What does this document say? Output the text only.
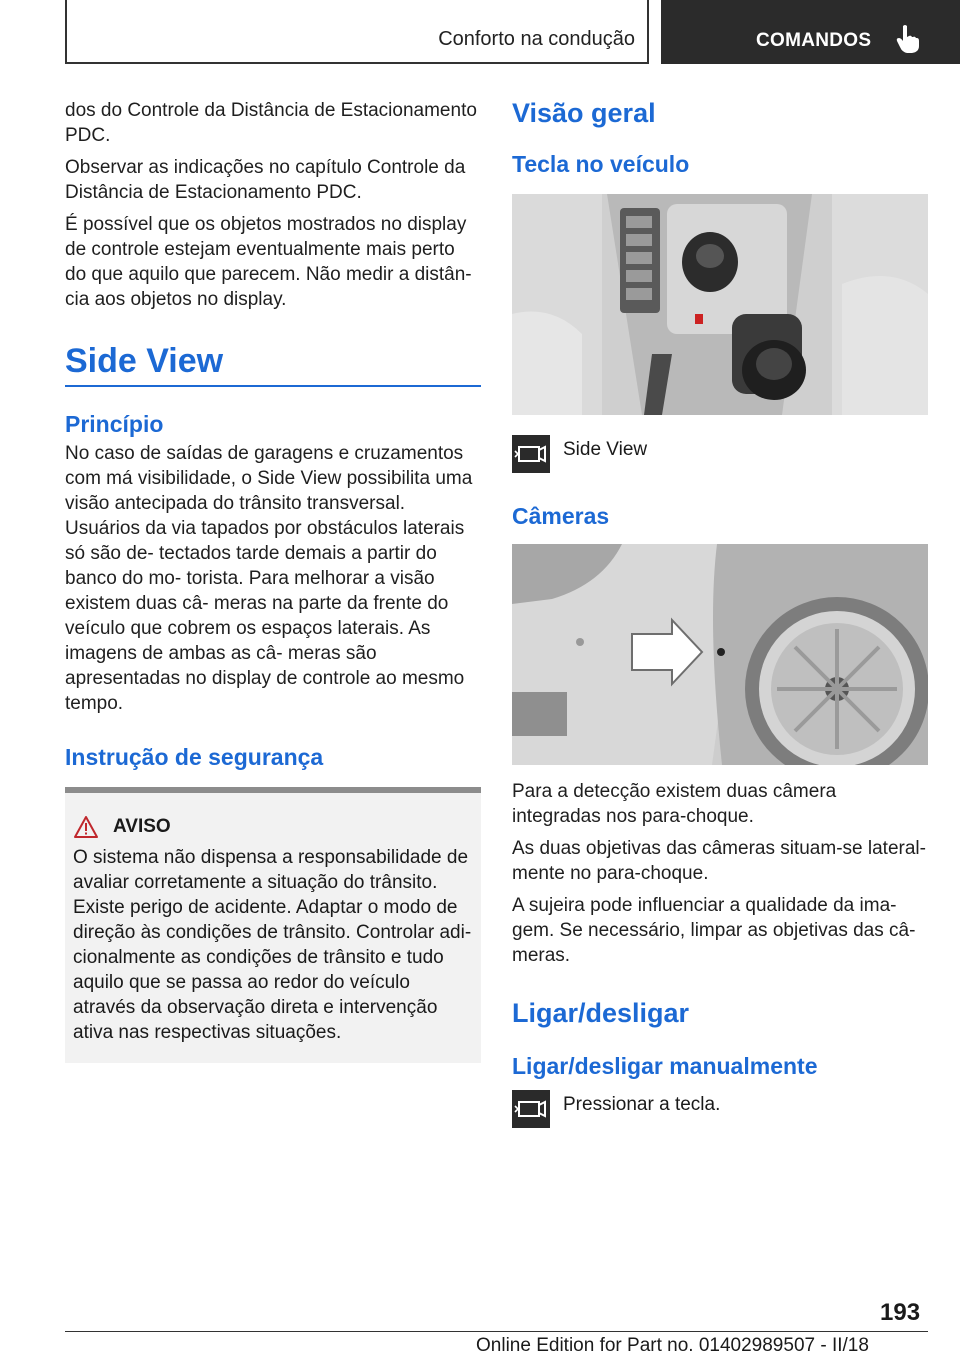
Conforto na condução	COMANDOS

dos do Controle da Distância de Estacionamento PDC.

Observar as indicações no capítulo Controle da Distância de Estacionamento PDC.

É possível que os objetos mostrados no display de controle estejam eventualmente mais perto do que aquilo que parecem. Não medir a distân‐ cia aos objetos no display.

Side View
Princípio

No caso de saídas de garagens e cruzamentos com má visibilidade, o Side View possibilita uma visão antecipada do trânsito transversal. Usuários da via tapados por obstáculos laterais só são de‐ tectados tarde demais a partir do banco do mo‐ torista. Para melhorar a visão existem duas câ‐ meras na parte da frente do veículo que cobrem os espaços laterais. As imagens de ambas as câ‐ meras são apresentadas no display de controle ao mesmo tempo.

Instrução de segurança
AVISO

O sistema não dispensa a responsabilidade de avaliar corretamente a situação do trânsito. Existe perigo de acidente. Adaptar o modo de direção às condições de trânsito. Controlar adi‐ cionalmente as condições de trânsito e tudo aquilo que se passa ao redor do veículo através da observação direta e intervenção ativa nas respectivas situações.

Visão geral
Tecla no veículo
Side View
Câmeras

Para a detecção existem duas câmera integradas nos para-choque.

As duas objetivas das câmeras situam-se lateral‐ mente no para-choque.

A sujeira pode influenciar a qualidade da ima‐ gem. Se necessário, limpar as objetivas das câ‐ meras.

Ligar/desligar
Ligar/desligar manualmente
Pressionar a tecla.
193
Online Edition for Part no. 01402989507 - II/18
